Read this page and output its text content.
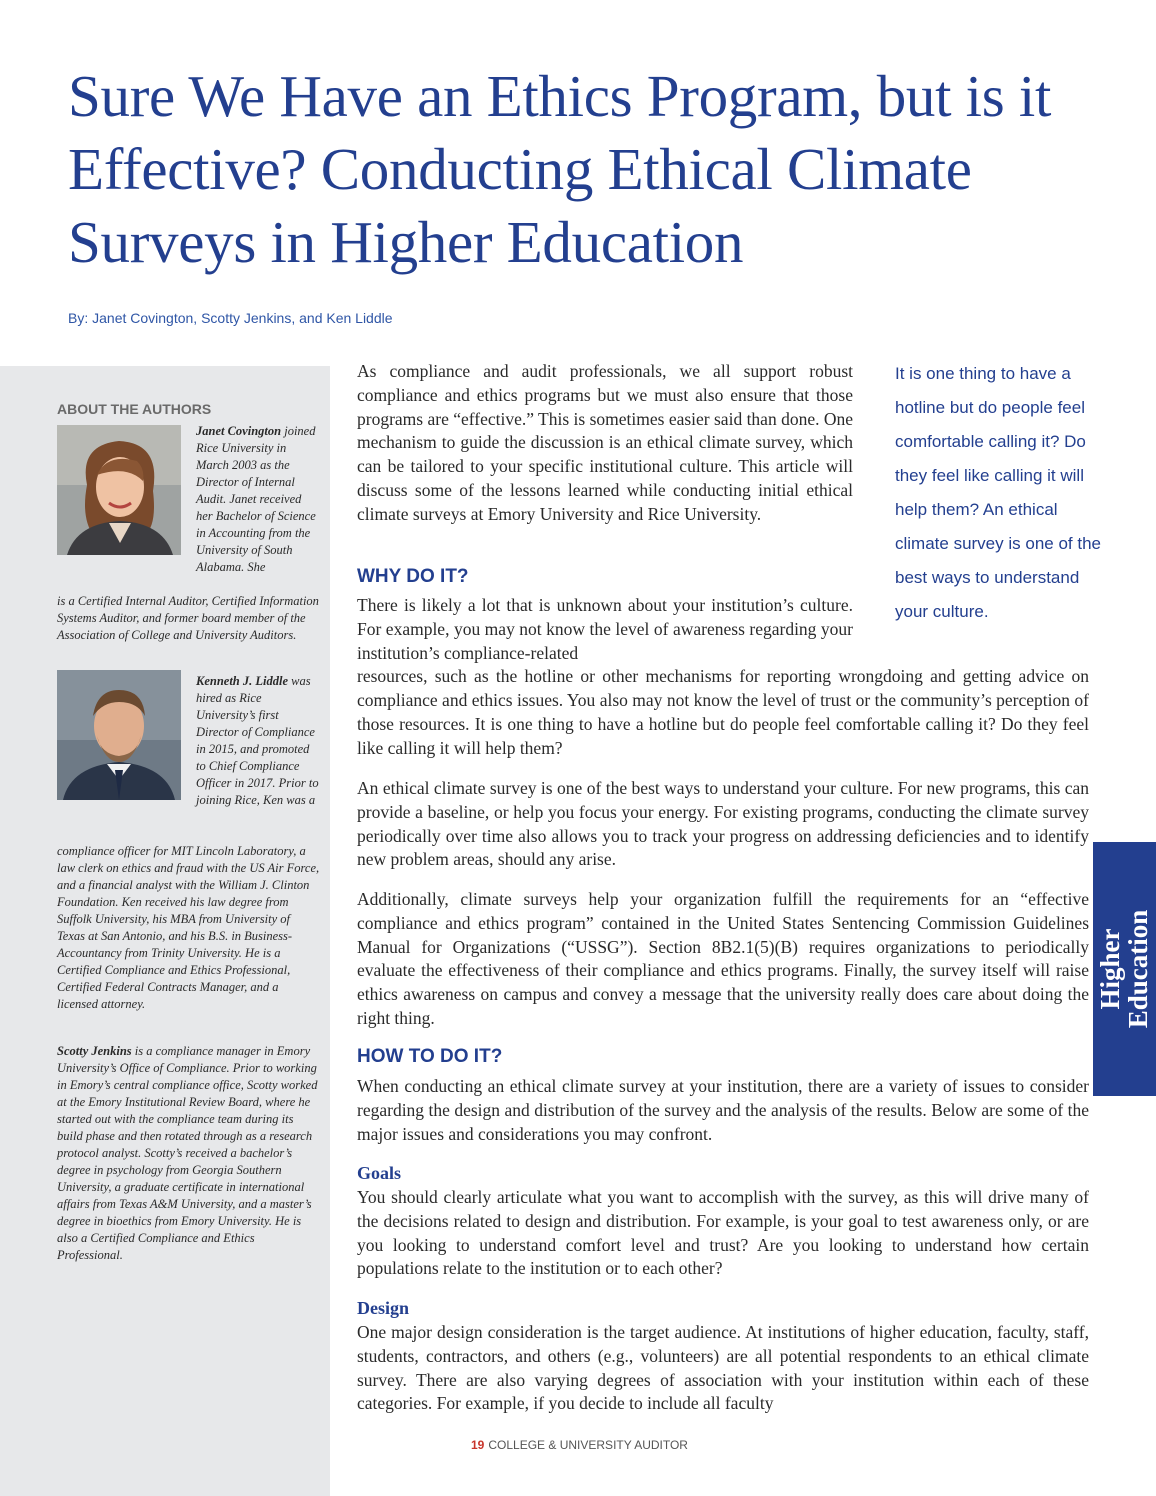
Sure We Have an Ethics Program, but is it Effective? Conducting Ethical Climate Surveys in Higher Education
By: Janet Covington, Scotty Jenkins, and Ken Liddle
ABOUT THE AUTHORS

Janet Covington joined Rice University in March 2003 as the Director of Internal Audit. Janet received her Bachelor of Science in Accounting from the University of South Alabama. She

is a Certified Internal Auditor, Certified Information Systems Auditor, and former board member of the Association of College and University Auditors.

Kenneth J. Liddle was hired as Rice University’s first Director of Compliance in 2015, and promoted to Chief Compliance Officer in 2017. Prior to joining Rice, Ken was a

compliance officer for MIT Lincoln Laboratory, a law clerk on ethics and fraud with the US Air Force, and a financial analyst with the William J. Clinton Foundation. Ken received his law degree from Suffolk University, his MBA from University of Texas at San Antonio, and his B.S. in Business-Accountancy from Trinity University. He is a Certified Compliance and Ethics Professional, Certified Federal Contracts Manager, and a licensed attorney.

Scotty Jenkins is a compliance manager in Emory University’s Office of Compliance. Prior to working in Emory’s central compliance office, Scotty worked at the Emory Institutional Review Board, where he started out with the compliance team during its build phase and then rotated through as a research protocol analyst. Scotty’s received a bachelor’s degree in psychology from Georgia Southern University, a graduate certificate in international affairs from Texas A&M University, and a master’s degree in bioethics from Emory University. He is also a Certified Compliance and Ethics Professional.

It is one thing to have a hotline but do people feel comfortable calling it? Do they feel like calling it will help them? An ethical climate survey is one of the best ways to understand your culture.

As compliance and audit professionals, we all support robust compliance and ethics programs but we must also ensure that those programs are “effective.” This is sometimes easier said than done. One mechanism to guide the discussion is an ethical climate survey, which can be tailored to your specific institutional culture. This article will discuss some of the lessons learned while conducting initial ethical climate surveys at Emory University and Rice University.

WHY DO IT?

There is likely a lot that is unknown about your institution’s culture. For example, you may not know the level of awareness regarding your institution’s compliance-related
resources, such as the hotline or other mechanisms for reporting wrongdoing and getting advice on compliance and ethics issues. You also may not know the level of trust or the community’s perception of those resources. It is one thing to have a hotline but do people feel comfortable calling it? Do they feel like calling it will help them?

An ethical climate survey is one of the best ways to understand your culture. For new programs, this can provide a baseline, or help you focus your energy. For existing programs, conducting the climate survey periodically over time also allows you to track your progress on addressing deficiencies and to identify new problem areas, should any arise.

Additionally, climate surveys help your organization fulfill the requirements for an “effective compliance and ethics program” contained in the United States Sentencing Commission Guidelines Manual for Organizations (“USSG”). Section 8B2.1(5)(B) requires organizations to periodically evaluate the effectiveness of their compliance and ethics programs. Finally, the survey itself will raise ethics awareness on campus and convey a message that the university really does care about doing the right thing.

HOW TO DO IT?

When conducting an ethical climate survey at your institution, there are a variety of issues to consider regarding the design and distribution of the survey and the analysis of the results. Below are some of the major issues and considerations you may confront.

Goals

You should clearly articulate what you want to accomplish with the survey, as this will drive many of the decisions related to design and distribution. For example, is your goal to test awareness only, or are you looking to understand comfort level and trust? Are you looking to understand how certain populations relate to the institution or to each other?

Design

One major design consideration is the target audience. At institutions of higher education, faculty, staff, students, contractors, and others (e.g., volunteers) are all potential respondents to an ethical climate survey. There are also varying degrees of association with your institution within each of these categories. For example, if you decide to include all faculty

Higher
Education
19 COLLEGE & UNIVERSITY AUDITOR
